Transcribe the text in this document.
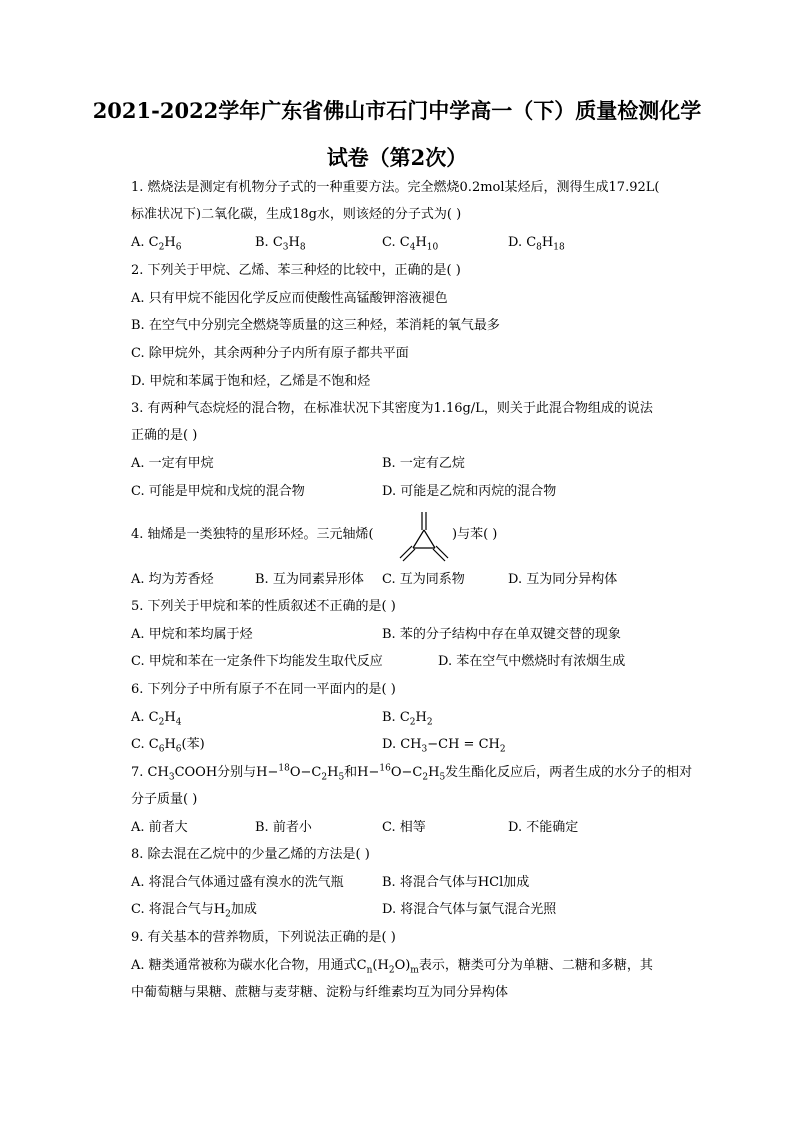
2021-2022学年广东省佛山市石门中学高一（下）质量检测化学
试卷（第2次）
1. 燃烧法是测定有机物分子式的一种重要方法。完全燃烧0.2mol某烃后，测得生成17.92L(
标准状况下)二氧化碳，生成18g水，则该烃的分子式为( )
A. $C_2H_6$	B. $C_3H_8$	C. $C_4H_{10}$	D. $C_8H_{18}$
2. 下列关于甲烷、乙烯、苯三种烃的比较中，正确的是( )
A. 只有甲烷不能因化学反应而使酸性高锰酸钾溶液褪色
B. 在空气中分别完全燃烧等质量的这三种烃，苯消耗的氧气最多
C. 除甲烷外，其余两种分子内所有原子都共平面
D. 甲烷和苯属于饱和烃，乙烯是不饱和烃
3. 有两种气态烷烃的混合物，在标准状况下其密度为1.16g/L，则关于此混合物组成的说法
正确的是( )
A. 一定有甲烷	B. 一定有乙烷
C. 可能是甲烷和戊烷的混合物	D. 可能是乙烷和丙烷的混合物
4. 轴烯是一类独特的星形环烃。三元轴烯(	)与苯( )
A. 均为芳香烃	B. 互为同素异形体 C. 互为同系物	D. 互为同分异构体
5. 下列关于甲烷和苯的性质叙述不正确的是( )
A. 甲烷和苯均属于烃	B. 苯的分子结构中存在单双键交替的现象
C. 甲烷和苯在一定条件下均能发生取代反应	D. 苯在空气中燃烧时有浓烟生成
6. 下列分子中所有原子不在同一平面内的是( )
A. $C_2H_4$	B. $C_2H_2$
C. $C_6H_6$(苯)	D. $CH_3-CH = CH_2$
7. $CH_3COOH$分别与$H-^{18}O-C_2H_5$和$H-^{16}O-C_2H_5$发生酯化反应后，两者生成的水分子的相对
分子质量( )
A. 前者大	B. 前者小	C. 相等	D. 不能确定
8. 除去混在乙烷中的少量乙烯的方法是( )
A. 将混合气体通过盛有溴水的洗气瓶	B. 将混合气体与HCl加成
C. 将混合气与$H_2$加成	D. 将混合气体与氯气混合光照
9. 有关基本的营养物质，下列说法正确的是( )
A. 糖类通常被称为碳水化合物，用通式$C_n(H_2O)_m$表示，糖类可分为单糖、二糖和多糖，其
中葡萄糖与果糖、蔗糖与麦芽糖、淀粉与纤维素均互为同分异构体
